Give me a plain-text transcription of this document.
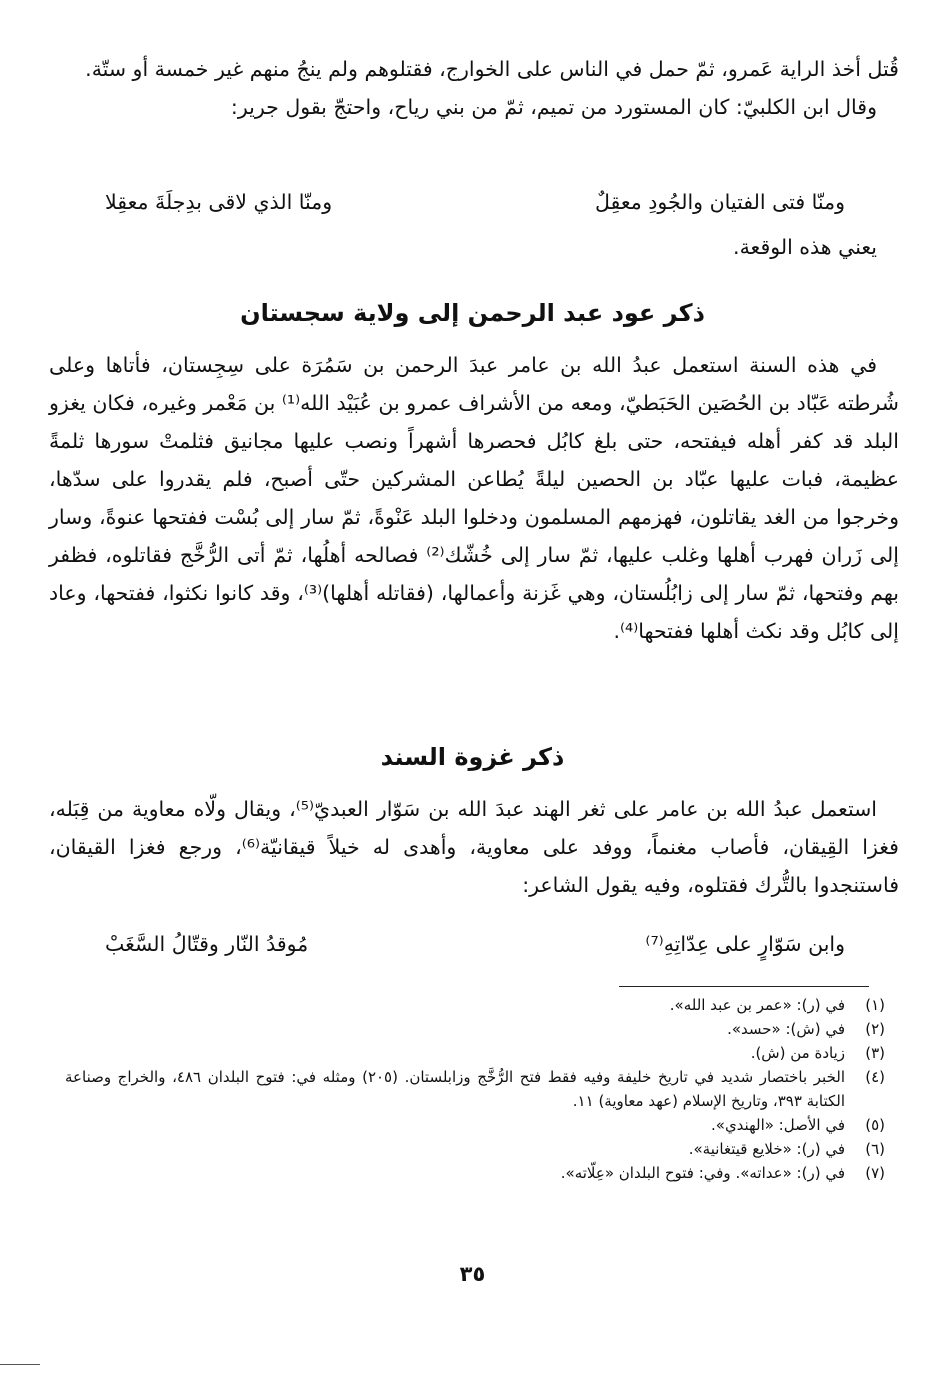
قُتل أخذ الراية عَمرو، ثمّ حمل في الناس على الخوارج، فقتلوهم ولم ينجُ منهم غير خمسة أو ستّة.

وقال ابن الكلبيّ: كان المستورد من تميم، ثمّ من بني رياح، واحتجّ بقول جرير:

ومنّا فتى الفتيان والجُودِ معقِلٌ
ومنّا الذي لاقى بدِجلَةَ معقِلا

يعني هذه الوقعة.

ذكر عود عبد الرحمن إلى ولاية سجستان

في هذه السنة استعمل عبدُ الله بن عامر عبدَ الرحمن بن سَمُرَة على سِجِستان، فأتاها وعلى شُرطته عَبّاد بن الحُصَين الحَبَطيّ، ومعه من الأشراف عمرو بن عُبَيْد الله⁽¹⁾ بن مَعْمر وغيره، فكان يغزو البلد قد كفر أهله فيفتحه، حتى بلغ كابُل فحصرها أشهراً ونصب عليها مجانيق فثلمتْ سورها ثلمةً عظيمة، فبات عليها عبّاد بن الحصين ليلةً يُطاعن المشركين حتّى أصبح، فلم يقدروا على سدّها، وخرجوا من الغد يقاتلون، فهزمهم المسلمون ودخلوا البلد عَنْوةً، ثمّ سار إلى بُسْت ففتحها عنوةً، وسار إلى زَران فهرب أهلها وغلب عليها، ثمّ سار إلى خُشّك⁽²⁾ فصالحه أهلُها، ثمّ أتى الرُّخَّج فقاتلوه، فظفر بهم وفتحها، ثمّ سار إلى زابُلُستان، وهي غَزنة وأعمالها، (فقاتله أهلها)⁽³⁾، وقد كانوا نكثوا، ففتحها، وعاد إلى كابُل وقد نكث أهلها ففتحها⁽⁴⁾.

ذكر غزوة السند

استعمل عبدُ الله بن عامر على ثغر الهند عبدَ الله بن سَوّار العبديّ⁽⁵⁾، ويقال ولّاه معاوية من قِبَله، فغزا القِيقان، فأصاب مغنماً، ووفد على معاوية، وأهدى له خيلاً قيقانيّة⁽⁶⁾، ورجع فغزا القيقان، فاستنجدوا بالتُّرك فقتلوه، وفيه يقول الشاعر:

وابن سَوّارٍ على عِدّاتِهِ⁽⁷⁾
مُوقدُ النّار وقتّالُ السَّغَبْ
(١)
في (ر): «عمر بن عبد الله».
(٢)
في (ش): «حسد».
(٣)
زيادة من (ش).
(٤)
الخبر باختصار شديد في تاريخ خليفة وفيه فقط فتح الرُّخَّج وزابلستان. (٢٠٥) ومثله في: فتوح البلدان ٤٨٦، والخراج وصناعة الكتابة ٣٩٣، وتاريخ الإسلام (عهد معاوية) ١١.
(٥)
في الأصل: «الهندي».
(٦)
في (ر): «خلايع قيتغانية».
(٧)
في (ر): «عداته». وفي: فتوح البلدان «عِلّاته».
٣٥
